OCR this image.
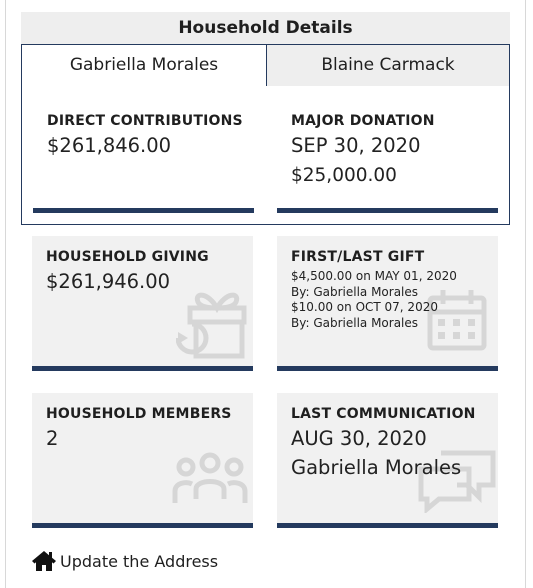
Household Details
Gabriella Morales	Blaine Carmack
DIRECT CONTRIBUTIONS
$261,846.00
MAJOR DONATION
SEP 30, 2020
$25,000.00
HOUSEHOLD GIVING
$261,946.00
FIRST/LAST GIFT
$4,500.00 on MAY 01, 2020
By: Gabriella Morales
$10.00 on OCT 07, 2020
By: Gabriella Morales
HOUSEHOLD MEMBERS
2
LAST COMMUNICATION
AUG 30, 2020
Gabriella Morales
Update the Address
